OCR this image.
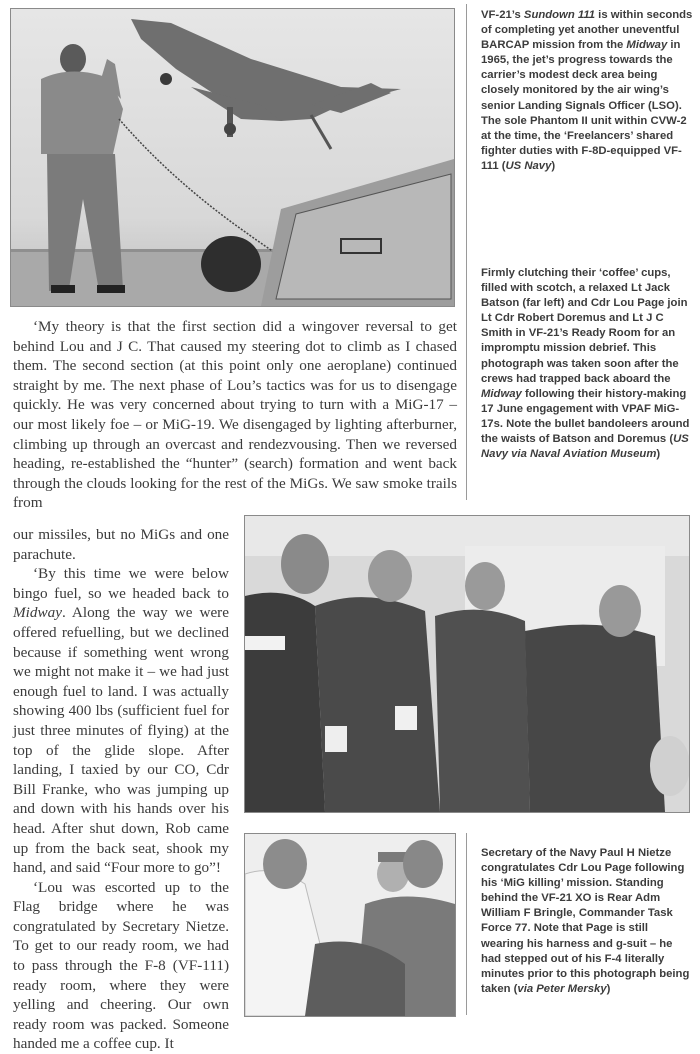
VF-21’s Sundown 111 is within seconds of completing yet another uneventful BARCAP mission from the Midway in 1965, the jet’s progress towards the carrier’s modest deck area being closely monitored by the air wing’s senior Landing Signals Officer (LSO). The sole Phantom II unit within CVW-2 at the time, the ‘Freelancers’ shared fighter duties with F-8D-equipped VF-111 (US Navy)
Firmly clutching their ‘coffee’ cups, filled with scotch, a relaxed Lt Jack Batson (far left) and Cdr Lou Page join Lt Cdr Robert Doremus and Lt J C Smith in VF-21’s Ready Room for an impromptu mission debrief. This photograph was taken soon after the crews had trapped back aboard the Midway following their history-making 17 June engagement with VPAF MiG-17s. Note the bullet bandoleers around the waists of Batson and Doremus (US Navy via Naval Aviation Museum)

‘My theory is that the first section did a wingover reversal to get behind Lou and J C. That caused my steering dot to climb as I chased them. The second section (at this point only one aeroplane) continued straight by me. The next phase of Lou’s tactics was for us to disengage quickly. He was very concerned about trying to turn with a MiG-17 – our most likely foe – or MiG-19. We disengaged by lighting afterburner, climbing up through an overcast and rendezvousing. Then we reversed heading, re-established the “hunter” (search) formation and went back through the clouds looking for the rest of the MiGs. We saw smoke trails from

our missiles, but no MiGs and one parachute.

‘By this time we were below bingo fuel, so we headed back to Midway. Along the way we were offered refuelling, but we declined because if something went wrong we might not make it – we had just enough fuel to land. I was actually showing 400 lbs (sufficient fuel for just three minutes of flying) at the top of the glide slope. After landing, I taxied by our CO, Cdr Bill Franke, who was jumping up and down with his hands over his head. After shut down, Rob came up from the back seat, shook my hand, and said “Four more to go”!

‘Lou was escorted up to the Flag bridge where he was congratulated by Secretary Nietze. To get to our ready room, we had to pass through the F-8 (VF-111) ready room, where they were yelling and cheering. Our own ready room was packed. Someone handed me a coffee cup. It

Secretary of the Navy Paul H Nietze congratulates Cdr Lou Page following his ‘MiG killing’ mission. Standing behind the VF-21 XO is Rear Adm William F Bringle, Commander Task Force 77. Note that Page is still wearing his harness and g-suit – he had stepped out of his F-4 literally minutes prior to this photograph being taken (via Peter Mersky)
